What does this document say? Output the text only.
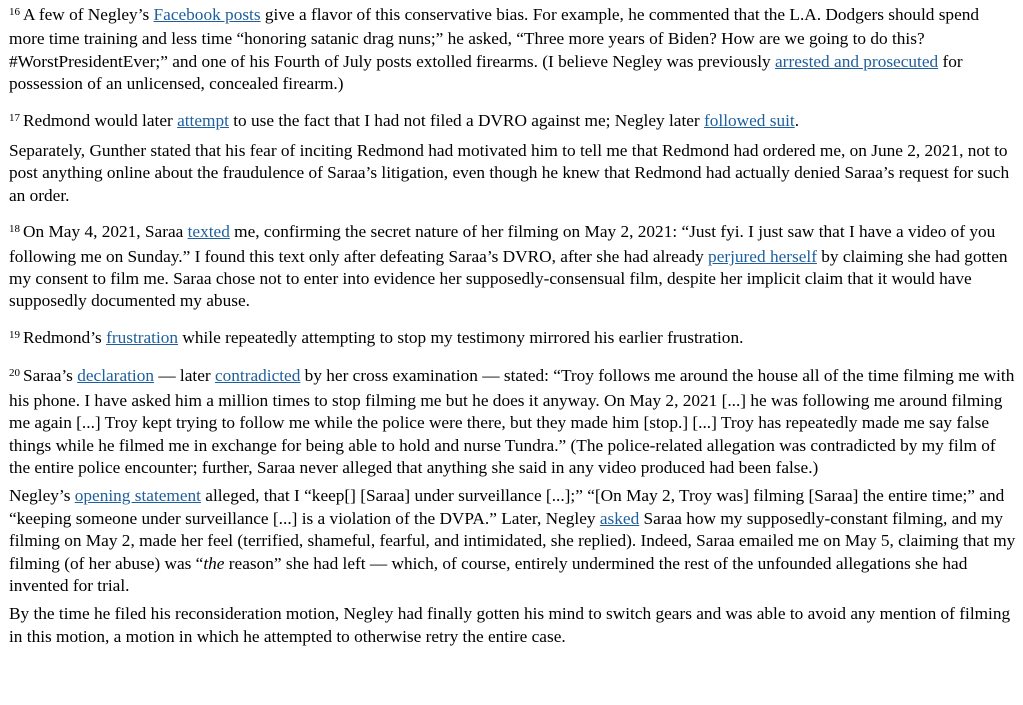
$^{16}$ A few of Negley’s Facebook posts give a flavor of this conservative bias. For example, he commented that the L.A. Dodgers should spend more time training and less time “honoring satanic drag nuns;” he asked, “Three more years of Biden? How are we going to do this? #WorstPresidentEver;” and one of his Fourth of July posts extolled firearms. (I believe Negley was previously arrested and prosecuted for possession of an unlicensed, concealed firearm.)

$^{17}$ Redmond would later attempt to use the fact that I had not filed a DVRO against me; Negley later followed suit.

Separately, Gunther stated that his fear of inciting Redmond had motivated him to tell me that Redmond had ordered me, on June 2, 2021, not to post anything online about the fraudulence of Saraa’s litigation, even though he knew that Redmond had actually denied Saraa’s request for such an order.

$^{18}$ On May 4, 2021, Saraa texted me, confirming the secret nature of her filming on May 2, 2021: “Just fyi. I just saw that I have a video of you following me on Sunday.” I found this text only after defeating Saraa’s DVRO, after she had already perjured herself by claiming she had gotten my consent to film me. Saraa chose not to enter into evidence her supposedly-consensual film, despite her implicit claim that it would have supposedly documented my abuse.

$^{19}$ Redmond’s frustration while repeatedly attempting to stop my testimony mirrored his earlier frustration.

$^{20}$ Saraa’s declaration — later contradicted by her cross examination — stated: “Troy follows me around the house all of the time filming me with his phone. I have asked him a million times to stop filming me but he does it anyway. On May 2, 2021 [...] he was following me around filming me again [...] Troy kept trying to follow me while the police were there, but they made him [stop.] [...] Troy has repeatedly made me say false things while he filmed me in exchange for being able to hold and nurse Tundra.” (The police-related allegation was contradicted by my film of the entire police encounter; further, Saraa never alleged that anything she said in any video produced had been false.)

Negley’s opening statement alleged, that I “keep[] [Saraa] under surveillance [...];” “[On May 2, Troy was] filming [Saraa] the entire time;” and “keeping someone under surveillance [...] is a violation of the DVPA.” Later, Negley asked Saraa how my supposedly-constant filming, and my filming on May 2, made her feel (terrified, shameful, fearful, and intimidated, she replied). Indeed, Saraa emailed me on May 5, claiming that my filming (of her abuse) was “the reason” she had left — which, of course, entirely undermined the rest of the unfounded allegations she had invented for trial.

By the time he filed his reconsideration motion, Negley had finally gotten his mind to switch gears and was able to avoid any mention of filming in this motion, a motion in which he attempted to otherwise retry the entire case.
